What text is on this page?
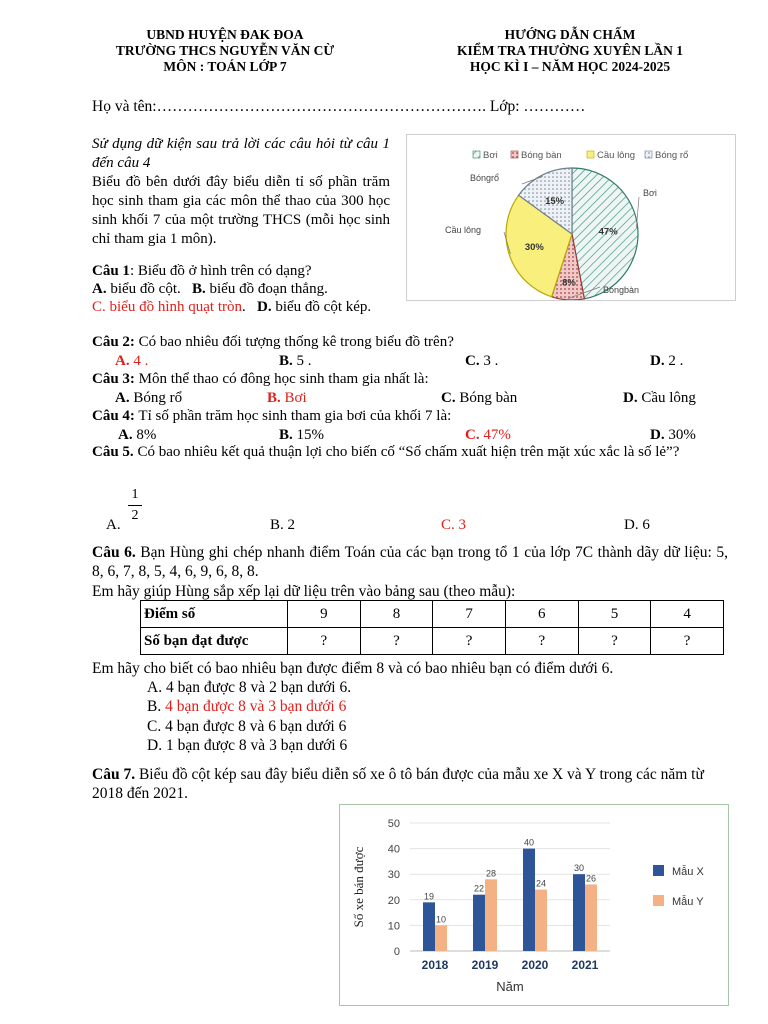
UBND HUYỆN ĐAK ĐOA
TRƯỜNG THCS NGUYỄN VĂN CỪ
MÔN : TOÁN LỚP 7
HƯỚNG DẪN CHẤM
KIỂM TRA THƯỜNG XUYÊN LẦN 1
HỌC KÌ I – NĂM HỌC 2024-2025
Họ và tên:………………………………………………………. Lớp: …………
Sử dụng dữ kiện sau trả lời các câu hỏi từ câu 1 đến câu 4
Biểu đồ bên dưới đây biểu diễn tỉ số phần trăm học sinh tham gia các môn thể thao của 300 học sinh khối 7 của một trường THCS (mỗi học sinh chỉ tham gia 1 môn).
Bơi Bóng bàn	Cầu lông Bóng rổ
47%
8%
30%
15%
Bơi
Bóngbàn
Cầu lông
Bóngrổ
Câu 1: Biểu đồ ở hình trên có dạng?
A. biểu đồ cột. B. biểu đồ đoạn thẳng.
C. biểu đồ hình quạt tròn. D. biểu đồ cột kép.
Câu 2: Có bao nhiêu đối tượng thống kê trong biểu đồ trên?
A. 4 .	B. 5 .	C. 3 .	D. 2 .
Câu 3: Môn thể thao có đông học sinh tham gia nhất là:
A. Bóng rổ	B. Bơi	C. Bóng bàn	D. Cầu lông
Câu 4: Tỉ số phần trăm học sinh tham gia bơi của khối 7 là:
A. 8%	B. 15%	C. 47%	D. 30%
Câu 5. Có bao nhiêu kết quả thuận lợi cho biến cố “Số chấm xuất hiện trên mặt xúc xắc là số lẻ”?
A.
1
2
B. 2	C. 3	D. 6
Câu 6. Bạn Hùng ghi chép nhanh điểm Toán của các bạn trong tổ 1 của lớp 7C thành dãy dữ liệu: 5, 8, 6, 7, 8, 5, 4, 6, 9, 6, 8, 8.
Em hãy giúp Hùng sắp xếp lại dữ liệu trên vào bảng sau (theo mẫu):
Điểm số	9	8	7	6	5	4
Số bạn đạt được	?	?	?	?	?	?
Em hãy cho biết có bao nhiêu bạn được điểm 8 và có bao nhiêu bạn có điểm dưới 6.
A. 4 bạn được 8 và 2 bạn dưới 6.
B. 4 bạn được 8 và 3 bạn dưới 6
C. 4 bạn được 8 và 6 bạn dưới 6
D. 1 bạn được 8 và 3 bạn dưới 6
Câu 7. Biểu đồ cột kép sau đây biểu diễn số xe ô tô bán được của mẫu xe X và Y trong các năm từ 2018 đến 2021.
0
10
20
30
40
50
Số xe bán được	19
10
2018
22
28
2019
40
24
2020
30
26
2021
Năm
Mẫu X
Mẫu Y
